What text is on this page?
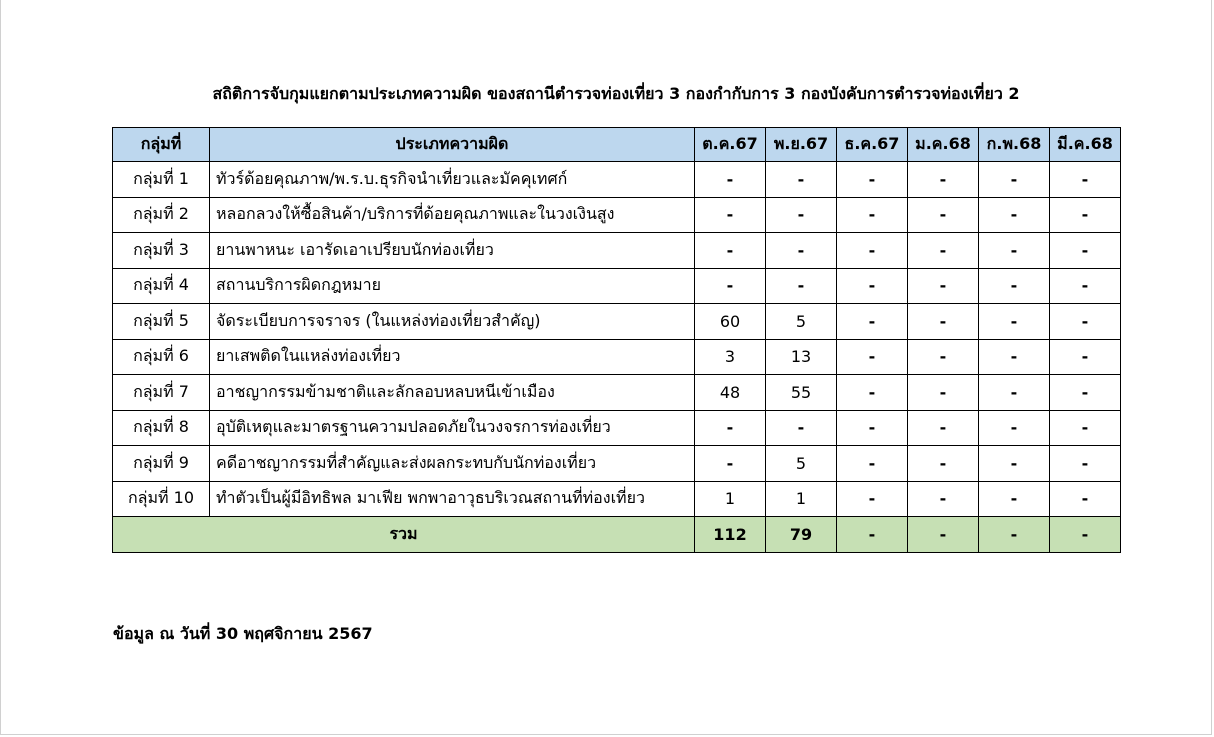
สถิติการจับกุมแยกตามประเภทความผิด ของสถานีตำรวจท่องเที่ยว 3 กองกำกับการ 3 กองบังคับการตำรวจท่องเที่ยว 2
กลุ่มที่	ประเภทความผิด	ต.ค.67	พ.ย.67	ธ.ค.67	ม.ค.68	ก.พ.68	มี.ค.68
กลุ่มที่ 1	ทัวร์ด้อยคุณภาพ/พ.ร.บ.ธุรกิจนำเที่ยวและมัคคุเทศก์	-	-	-	-	-	-
กลุ่มที่ 2	หลอกลวงให้ซื้อสินค้า/บริการที่ด้อยคุณภาพและในวงเงินสูง	-	-	-	-	-	-
กลุ่มที่ 3	ยานพาหนะ เอารัดเอาเปรียบนักท่องเที่ยว	-	-	-	-	-	-
กลุ่มที่ 4	สถานบริการผิดกฎหมาย	-	-	-	-	-	-
กลุ่มที่ 5	จัดระเบียบการจราจร (ในแหล่งท่องเที่ยวสำคัญ)	60	5	-	-	-	-
กลุ่มที่ 6	ยาเสพติดในแหล่งท่องเที่ยว	3	13	-	-	-	-
กลุ่มที่ 7	อาชญากรรมข้ามชาติและลักลอบหลบหนีเข้าเมือง	48	55	-	-	-	-
กลุ่มที่ 8	อุบัติเหตุและมาตรฐานความปลอดภัยในวงจรการท่องเที่ยว	-	-	-	-	-	-
กลุ่มที่ 9	คดีอาชญากรรมที่สำคัญและส่งผลกระทบกับนักท่องเที่ยว	-	5	-	-	-	-
กลุ่มที่ 10	ทำตัวเป็นผู้มีอิทธิพล มาเฟีย พกพาอาวุธบริเวณสถานที่ท่องเที่ยว	1	1	-	-	-	-
รวม		112	79	-	-	-	-
ข้อมูล ณ วันที่ 30 พฤศจิกายน 2567
